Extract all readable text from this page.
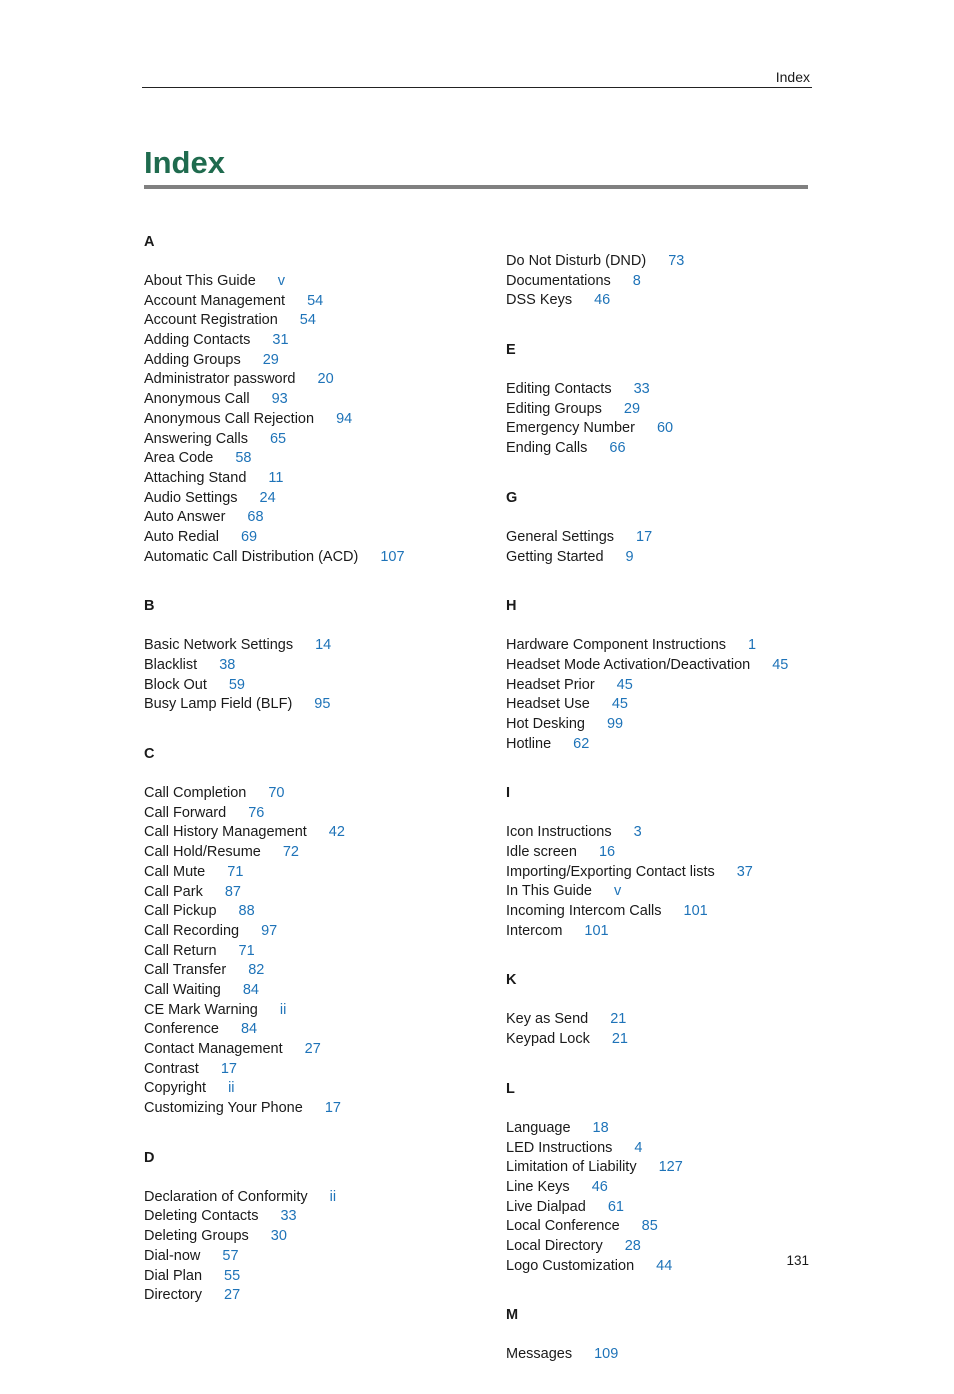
Index
Index
A
About This Guide v
Account Management 54
Account Registration 54
Adding Contacts 31
Adding Groups 29
Administrator password 20
Anonymous Call 93
Anonymous Call Rejection 94
Answering Calls 65
Area Code 58
Attaching Stand 11
Audio Settings 24
Auto Answer 68
Auto Redial 69
Automatic Call Distribution (ACD) 107
B
Basic Network Settings 14
Blacklist 38
Block Out 59
Busy Lamp Field (BLF) 95
C
Call Completion 70
Call Forward 76
Call History Management 42
Call Hold/Resume 72
Call Mute 71
Call Park 87
Call Pickup 88
Call Recording 97
Call Return 71
Call Transfer 82
Call Waiting 84
CE Mark Warning ii
Conference 84
Contact Management 27
Contrast 17
Copyright ii
Customizing Your Phone 17
D
Declaration of Conformity ii
Deleting Contacts 33
Deleting Groups 30
Dial-now 57
Dial Plan 55
Directory 27
Do Not Disturb (DND) 73
Documentations 8
DSS Keys 46
E
Editing Contacts 33
Editing Groups 29
Emergency Number 60
Ending Calls 66
G
General Settings 17
Getting Started 9
H
Hardware Component Instructions 1
Headset Mode Activation/Deactivation 45
Headset Prior 45
Headset Use 45
Hot Desking 99
Hotline 62
I
Icon Instructions 3
Idle screen 16
Importing/Exporting Contact lists 37
In This Guide v
Incoming Intercom Calls 101
Intercom 101
K
Key as Send 21
Keypad Lock 21
L
Language 18
LED Instructions 4
Limitation of Liability 127
Line Keys 46
Live Dialpad 61
Local Conference 85
Local Directory 28
Logo Customization 44
M
Messages 109
131
